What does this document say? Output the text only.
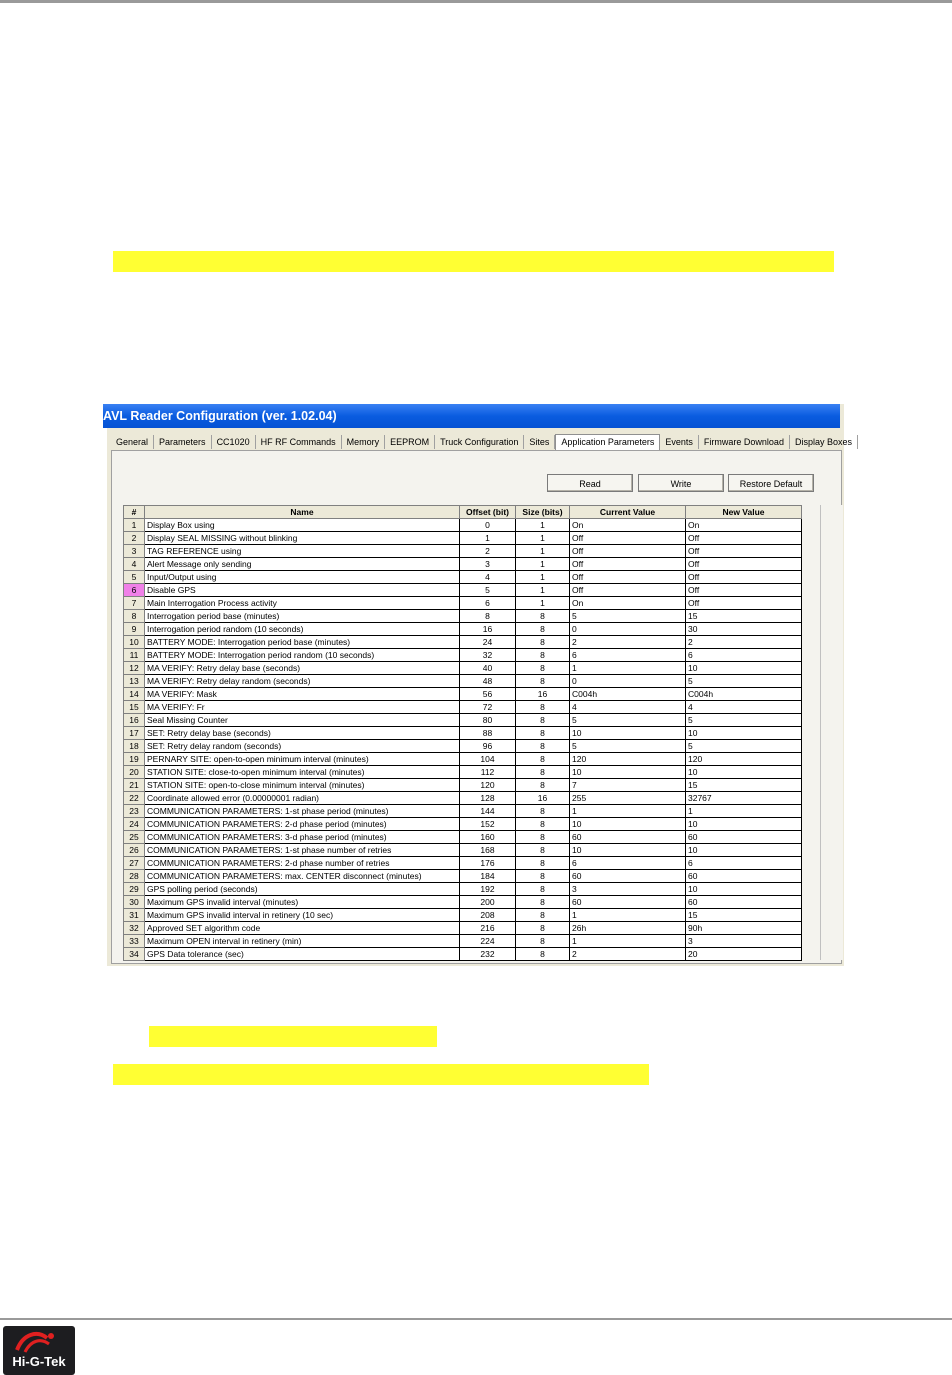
AVL Reader Configuration (ver. 1.02.04)
General	Parameters	CC1020	HF RF Commands	Memory	EEPROM	Truck Configuration	Sites	Application Parameters	Events	Firmware Download	Display Boxes
Read	Write	Restore Default
#	Name	Offset (bit)	Size (bits)	Current Value	New Value
1	Display Box using	0	1	On	On
2	Display SEAL MISSING without blinking	1	1	Off	Off
3	TAG REFERENCE using	2	1	Off	Off
4	Alert Message only sending	3	1	Off	Off
5	Input/Output using	4	1	Off	Off
6	Disable GPS	5	1	Off	Off
7	Main Interrogation Process activity	6	1	On	Off
8	Interrogation period base (minutes)	8	8	5	15
9	Interrogation period random (10 seconds)	16	8	0	30
10	BATTERY MODE: Interrogation period base (minutes)	24	8	2	2
11	BATTERY MODE: Interrogation period random (10 seconds)	32	8	6	6
12	MA VERIFY: Retry delay base (seconds)	40	8	1	10
13	MA VERIFY: Retry delay random (seconds)	48	8	0	5
14	MA VERIFY: Mask	56	16	C004h	C004h
15	MA VERIFY: Fr	72	8	4	4
16	Seal Missing Counter	80	8	5	5
17	SET: Retry delay base (seconds)	88	8	10	10
18	SET: Retry delay random (seconds)	96	8	5	5
19	PERNARY SITE: open-to-open minimum interval (minutes)	104	8	120	120
20	STATION SITE: close-to-open minimum interval (minutes)	112	8	10	10
21	STATION SITE: open-to-close minimum interval (minutes)	120	8	7	15
22	Coordinate allowed error (0.00000001 radian)	128	16	255	32767
23	COMMUNICATION PARAMETERS: 1-st phase period (minutes)	144	8	1	1
24	COMMUNICATION PARAMETERS: 2-d phase period (minutes)	152	8	10	10
25	COMMUNICATION PARAMETERS: 3-d phase period (minutes)	160	8	60	60
26	COMMUNICATION PARAMETERS: 1-st phase number of retries	168	8	10	10
27	COMMUNICATION PARAMETERS: 2-d phase number of retries	176	8	6	6
28	COMMUNICATION PARAMETERS: max. CENTER disconnect (minutes)	184	8	60	60
29	GPS polling period (seconds)	192	8	3	10
30	Maximum GPS invalid interval (minutes)	200	8	60	60
31	Maximum GPS invalid interval in retinery (10 sec)	208	8	1	15
32	Approved SET algorithm code	216	8	26h	90h
33	Maximum OPEN interval in retinery (min)	224	8	1	3
34	GPS Data tolerance (sec)	232	8	2	20
Hi-G-Tek
